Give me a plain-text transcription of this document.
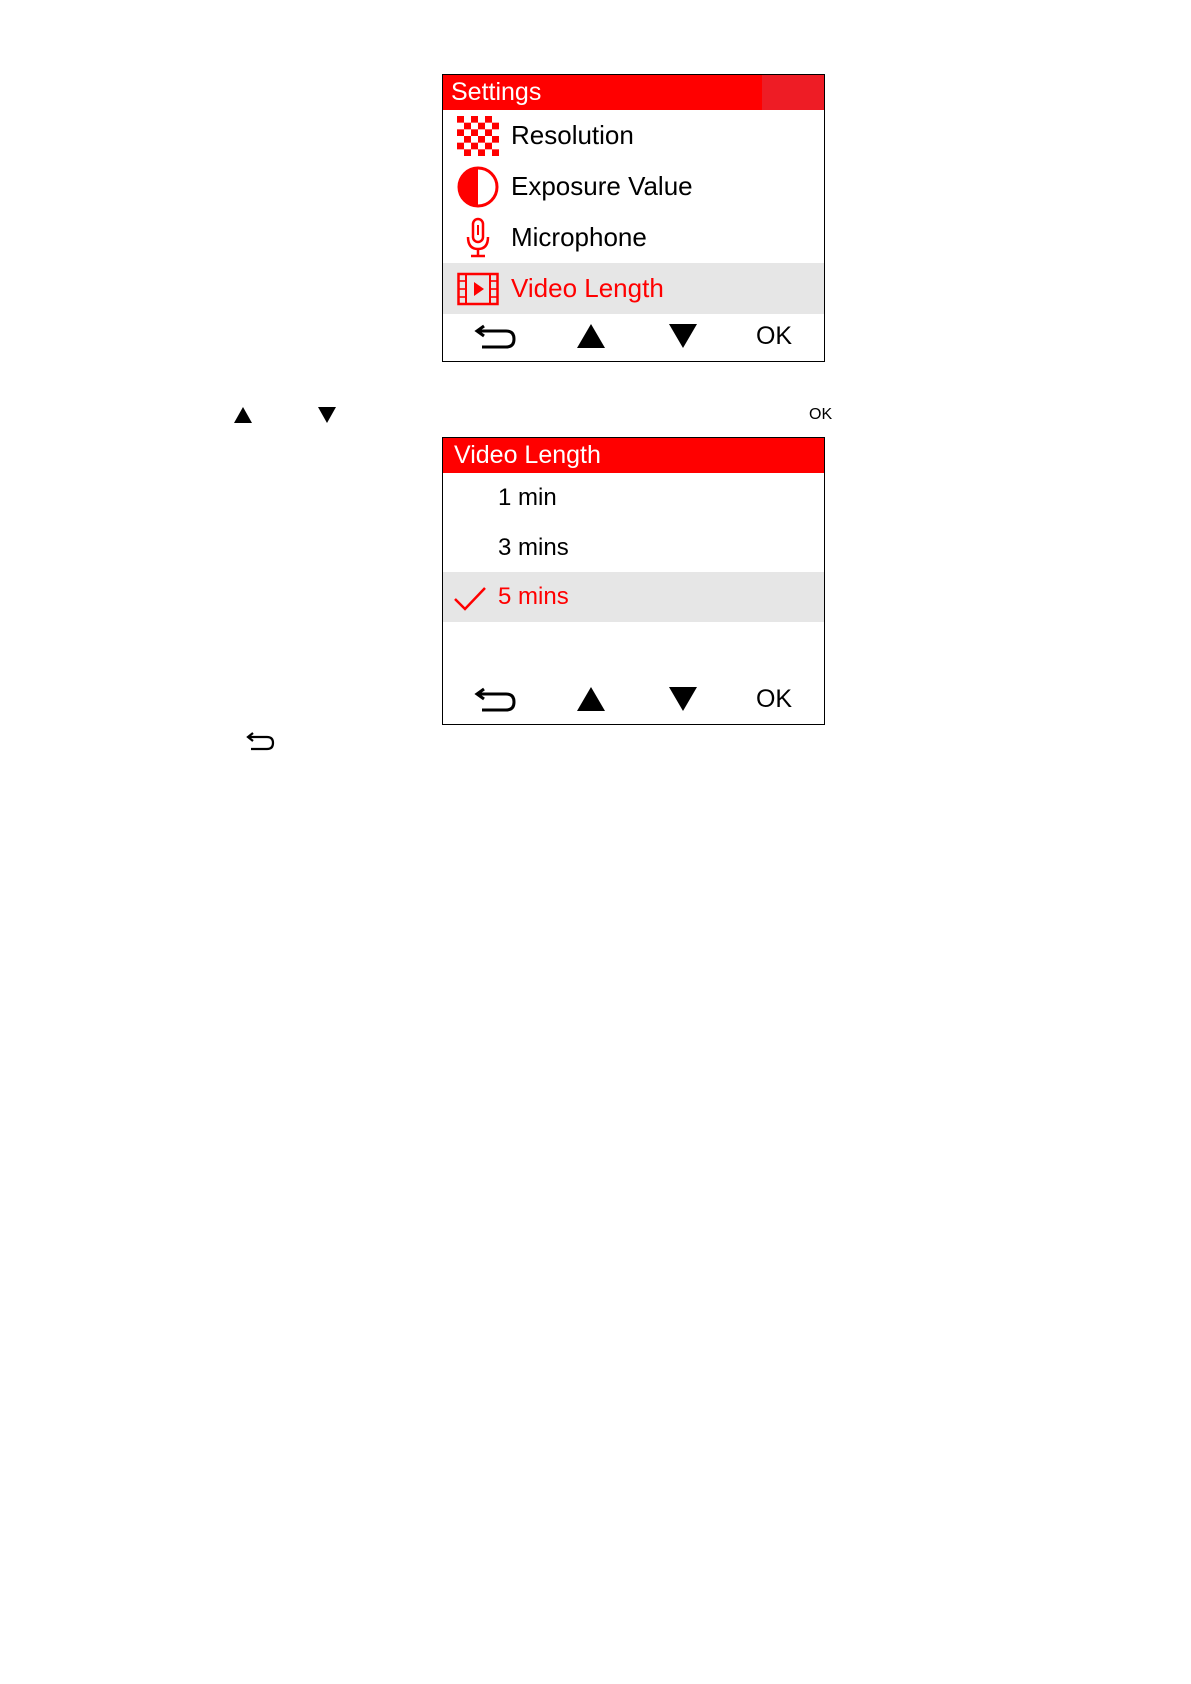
Settings
Resolution
Exposure Value
Microphone
Video Length
OK
OK
Video Length
1 min
3 mins
5 mins
OK
